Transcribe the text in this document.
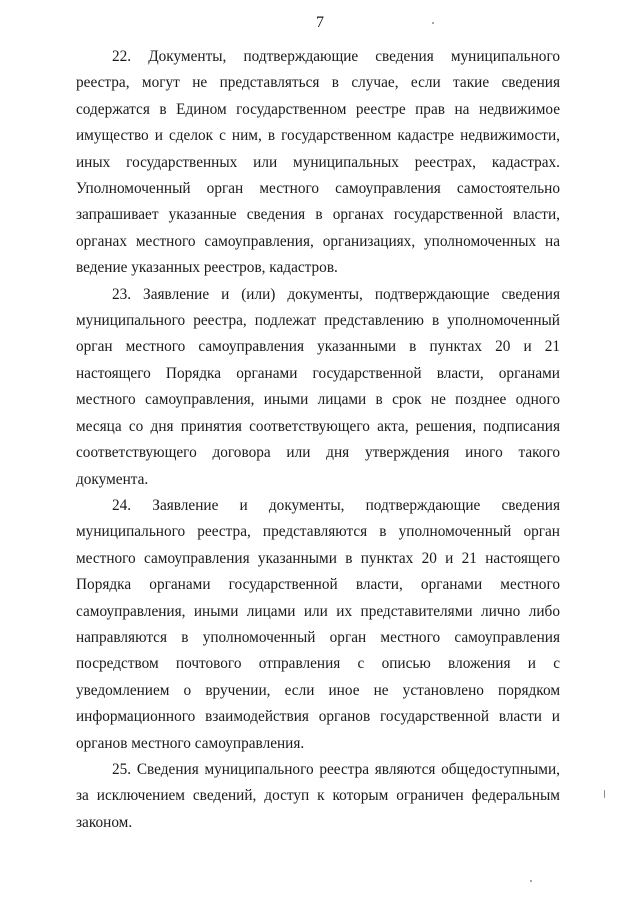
7

22. Документы, подтверждающие сведения муниципального реестра, могут не представляться в случае, если такие сведения содержатся в Едином государственном реестре прав на недвижимое имущество и сделок с ним, в государственном кадастре недвижимости, иных государственных или муниципальных реестрах, кадастрах. Уполномоченный орган местного самоуправления самостоятельно запрашивает указанные сведения в органах государственной власти, органах местного самоуправления, организациях, уполномоченных на ведение указанных реестров, кадастров.

23. Заявление и (или) документы, подтверждающие сведения муниципального реестра, подлежат представлению в уполномоченный орган местного самоуправления указанными в пунктах 20 и 21 настоящего Порядка органами государственной власти, органами местного самоуправления, иными лицами в срок не позднее одного месяца со дня принятия соответствующего акта, решения, подписания соответствующего договора или дня утверждения иного такого документа.

24. Заявление и документы, подтверждающие сведения муниципального реестра, представляются в уполномоченный орган местного самоуправления указанными в пунктах 20 и 21 настоящего Порядка органами государственной власти, органами местного самоуправления, иными лицами или их представителями лично либо направляются в уполномоченный орган местного самоуправления посредством почтового отправления с описью вложения и с уведомлением о вручении, если иное не установлено порядком информационного взаимодействия органов государственной власти и органов местного самоуправления.

25. Сведения муниципального реестра являются общедоступными, за исключением сведений, доступ к которым ограничен федеральным законом.
